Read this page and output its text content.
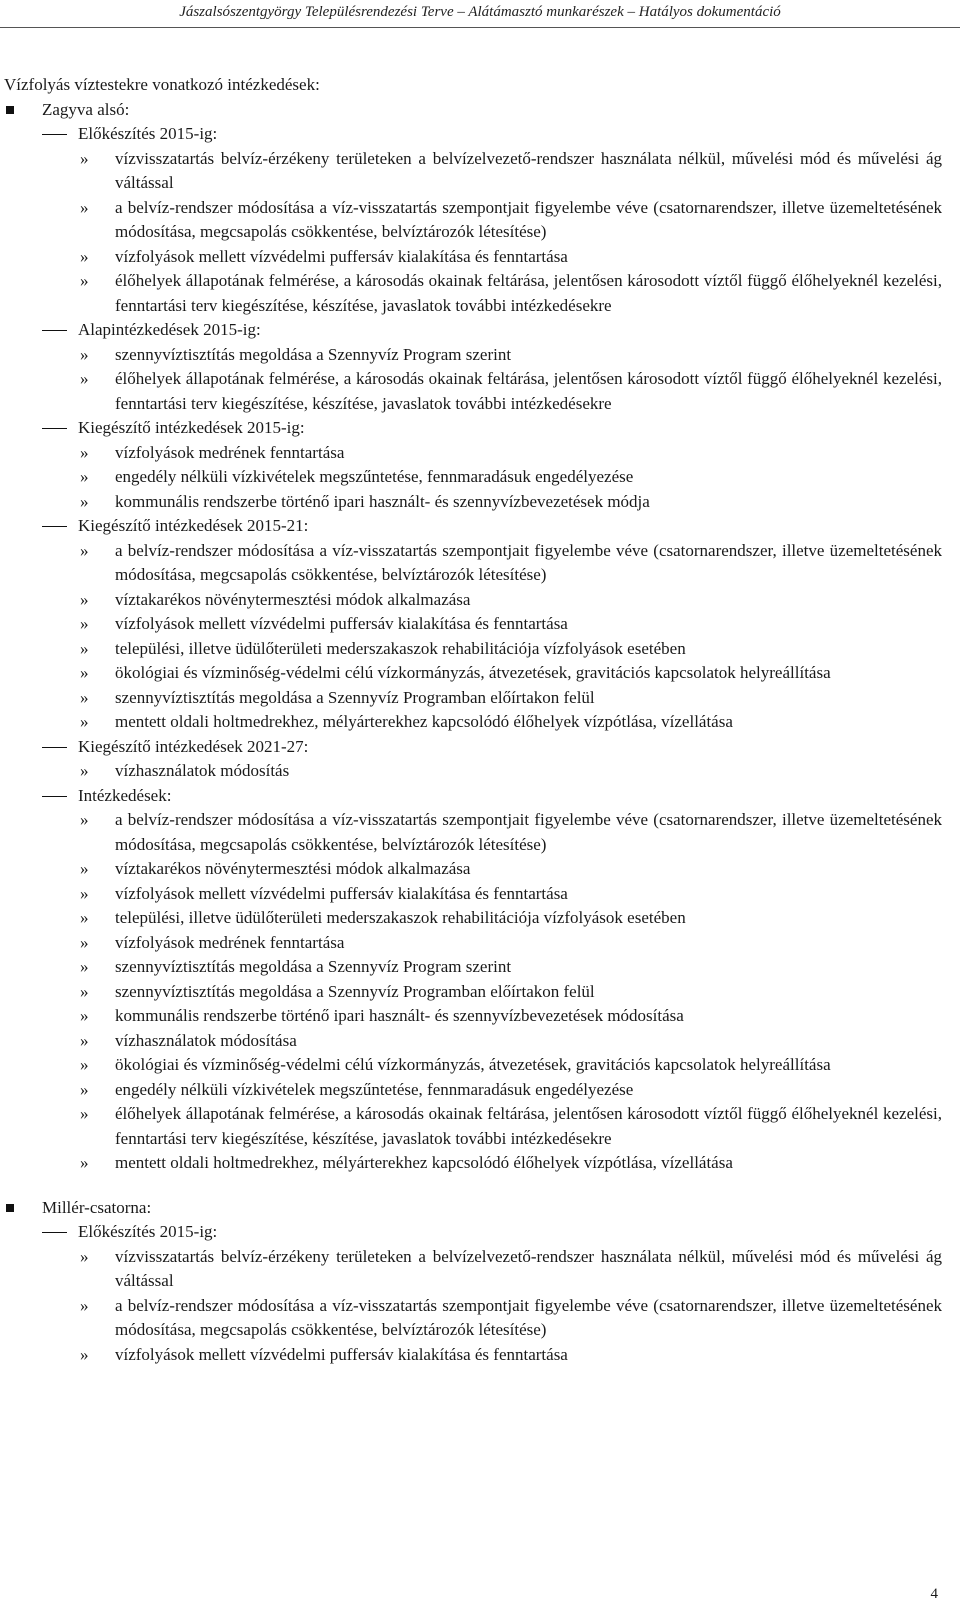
Jászalsószentgyörgy Településrendezési Terve – Alátámasztó munkarészek – Hatályos dokumentáció
Vízfolyás víztestekre vonatkozó intézkedések:
Zagyva alsó:
Előkészítés 2015-ig:
» vízvisszatartás belvíz-érzékeny területeken a belvízelvezető-rendszer használata nélkül, művelési mód és művelési ág váltással
» a belvíz-rendszer módosítása a víz-visszatartás szempontjait figyelembe véve (csatornarendszer, illetve üzemeltetésének módosítása, megcsapolás csökkentése, belvíztározók létesítése)
» vízfolyások mellett vízvédelmi puffersáv kialakítása és fenntartása
» élőhelyek állapotának felmérése, a károsodás okainak feltárása, jelentősen károsodott víztől függő élőhelyeknél kezelési, fenntartási terv kiegészítése, készítése, javaslatok további intézkedésekre
Alapintézkedések 2015-ig:
» szennyvíztisztítás megoldása a Szennyvíz Program szerint
» élőhelyek állapotának felmérése, a károsodás okainak feltárása, jelentősen károsodott víztől függő élőhelyeknél kezelési, fenntartási terv kiegészítése, készítése, javaslatok további intézkedésekre
Kiegészítő intézkedések 2015-ig:
» vízfolyások medrének fenntartása
» engedély nélküli vízkivételek megszűntetése, fennmaradásuk engedélyezése
» kommunális rendszerbe történő ipari használt- és szennyvízbevezetések módja
Kiegészítő intézkedések 2015-21:
» a belvíz-rendszer módosítása a víz-visszatartás szempontjait figyelembe véve (csatornarendszer, illetve üzemeltetésének módosítása, megcsapolás csökkentése, belvíztározók létesítése)
» víztakarékos növénytermesztési módok alkalmazása
» vízfolyások mellett vízvédelmi puffersáv kialakítása és fenntartása
» települési, illetve üdülőterületi mederszakaszok rehabilitációja vízfolyások esetében
» ökológiai és vízminőség-védelmi célú vízkormányzás, átvezetések, gravitációs kapcsolatok helyreállítása
» szennyvíztisztítás megoldása a Szennyvíz Programban előírtakon felül
» mentett oldali holtmedrekhez, mélyárterekhez kapcsolódó élőhelyek vízpótlása, vízellátása
Kiegészítő intézkedések 2021-27:
» vízhasználatok módosítás
Intézkedések:
» a belvíz-rendszer módosítása a víz-visszatartás szempontjait figyelembe véve (csatornarendszer, illetve üzemeltetésének módosítása, megcsapolás csökkentése, belvíztározók létesítése)
» víztakarékos növénytermesztési módok alkalmazása
» vízfolyások mellett vízvédelmi puffersáv kialakítása és fenntartása
» települési, illetve üdülőterületi mederszakaszok rehabilitációja vízfolyások esetében
» vízfolyások medrének fenntartása
» szennyvíztisztítás megoldása a Szennyvíz Program szerint
» szennyvíztisztítás megoldása a Szennyvíz Programban előírtakon felül
» kommunális rendszerbe történő ipari használt- és szennyvízbevezetések módosítása
» vízhasználatok módosítása
» ökológiai és vízminőség-védelmi célú vízkormányzás, átvezetések, gravitációs kapcsolatok helyreállítása
» engedély nélküli vízkivételek megszűntetése, fennmaradásuk engedélyezése
» élőhelyek állapotának felmérése, a károsodás okainak feltárása, jelentősen károsodott víztől függő élőhelyeknél kezelési, fenntartási terv kiegészítése, készítése, javaslatok további intézkedésekre
» mentett oldali holtmedrekhez, mélyárterekhez kapcsolódó élőhelyek vízpótlása, vízellátása
Millér-csatorna:
Előkészítés 2015-ig:
» vízvisszatartás belvíz-érzékeny területeken a belvízelvezető-rendszer használata nélkül, művelési mód és művelési ág váltással
» a belvíz-rendszer módosítása a víz-visszatartás szempontjait figyelembe véve (csatornarendszer, illetve üzemeltetésének módosítása, megcsapolás csökkentése, belvíztározók létesítése)
» vízfolyások mellett vízvédelmi puffersáv kialakítása és fenntartása
4
